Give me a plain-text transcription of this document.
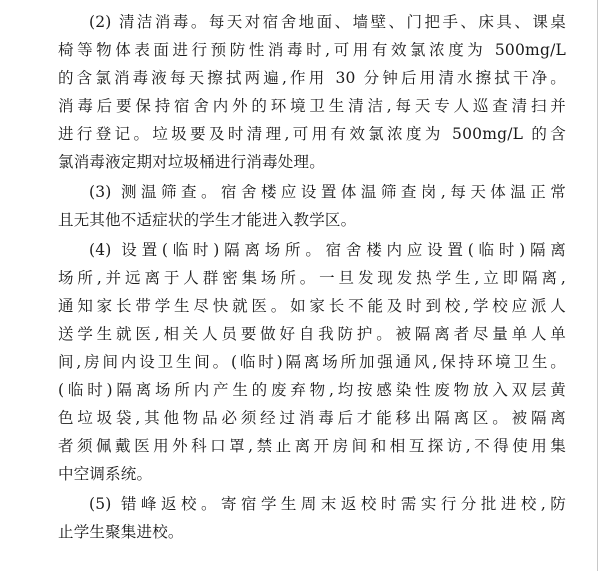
(2) 清洁消毒。每天对宿舍地面、墙壁、门把手、床具、课桌
椅等物体表面进行预防性消毒时,可用有效氯浓度为 500mg/L
的含氯消毒液每天擦拭两遍,作用 30 分钟后用清水擦拭干净。
消毒后要保持宿舍内外的环境卫生清洁,每天专人巡查清扫并
进行登记。垃圾要及时清理,可用有效氯浓度为 500mg/L 的含
氯消毒液定期对垃圾桶进行消毒处理。
(3) 测温筛查。宿舍楼应设置体温筛查岗,每天体温正常
且无其他不适症状的学生才能进入教学区。
(4) 设置(临时)隔离场所。宿舍楼内应设置(临时)隔离
场所,并远离于人群密集场所。一旦发现发热学生,立即隔离,
通知家长带学生尽快就医。如家长不能及时到校,学校应派人
送学生就医,相关人员要做好自我防护。被隔离者尽量单人单
间,房间内设卫生间。(临时)隔离场所加强通风,保持环境卫生。
(临时)隔离场所内产生的废弃物,均按感染性废物放入双层黄
色垃圾袋,其他物品必须经过消毒后才能移出隔离区。被隔离
者须佩戴医用外科口罩,禁止离开房间和相互探访,不得使用集
中空调系统。
(5) 错峰返校。寄宿学生周末返校时需实行分批进校,防
止学生聚集进校。
